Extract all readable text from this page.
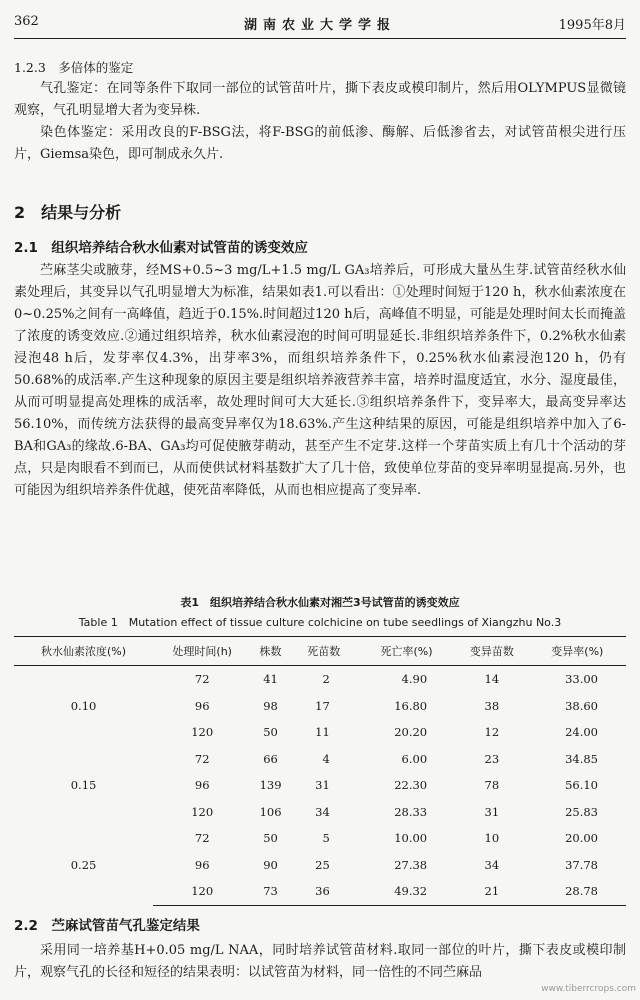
362	湖南农业大学学报	1995年8月

1.2.3　多倍体的鉴定

气孔鉴定：在同等条件下取同一部位的试管苗叶片，撕下表皮或模印制片，然后用OLYMPUS显微镜观察，气孔明显增大者为变异株.

染色体鉴定：采用改良的F-BSG法，将F-BSG的前低渗、酶解、后低渗省去，对试管苗根尖进行压片，Giemsa染色，即可制成永久片.

2　结果与分析

2.1　组织培养结合秋水仙素对试管苗的诱变效应

苎麻茎尖或腋芽，经MS+0.5~3 mg/L+1.5 mg/L GA₃培养后，可形成大量丛生芽.试管苗经秋水仙素处理后，其变异以气孔明显增大为标准，结果如表1.可以看出：①处理时间短于120 h，秋水仙素浓度在0~0.25%之间有一高峰值，趋近于0.15%.时间超过120 h后，高峰值不明显，可能是处理时间太长而掩盖了浓度的诱变效应.②通过组织培养，秋水仙素浸泡的时间可明显延长.非组织培养条件下，0.2%秋水仙素浸泡48 h后，发芽率仅4.3%，出芽率3%，而组织培养条件下，0.25%秋水仙素浸泡120 h，仍有50.68%的成活率.产生这种现象的原因主要是组织培养液营养丰富，培养时温度适宜，水分、湿度最佳，从而可明显提高处理株的成活率，故处理时间可大大延长.③组织培养条件下，变异率大，最高变异率达56.10%，而传统方法获得的最高变异率仅为18.63%.产生这种结果的原因，可能是组织培养中加入了6-BA和GA₃的缘故.6-BA、GA₃均可促使腋芽萌动，甚至产生不定芽.这样一个芽苗实质上有几十个活动的芽点，只是肉眼看不到而已，从而使供试材料基数扩大了几十倍，致使单位芽苗的变异率明显提高.另外，也可能因为组织培养条件优越，使死苗率降低，从而也相应提高了变异率.

表1　组织培养结合秋水仙素对湘苎3号试管苗的诱变效应
Table 1　Mutation effect of tissue culture colchicine on tube seedlings of Xiangzhu No.3
秋水仙素浓度(%)	处理时间(h)	株数	死苗数	死亡率(%)	变异苗数	变异率(%)
0.10	72	41	2	4.90	14	33.00
	96	98	17	16.80	38	38.60
	120	50	11	20.20	12	24.00
0.15	72	66	4	6.00	23	34.85
	96	139	31	22.30	78	56.10
	120	106	34	28.33	31	25.83
0.25	72	50	5	10.00	10	20.00
	96	90	25	27.38	34	37.78
	120	73	36	49.32	21	28.78

2.2　苎麻试管苗气孔鉴定结果

采用同一培养基H+0.05 mg/L NAA，同时培养试管苗材料.取同一部位的叶片，撕下表皮或模印制片，观察气孔的长径和短径的结果表明：以试管苗为材料，同一倍性的不同苎麻品

www.tiberrcrops.com
